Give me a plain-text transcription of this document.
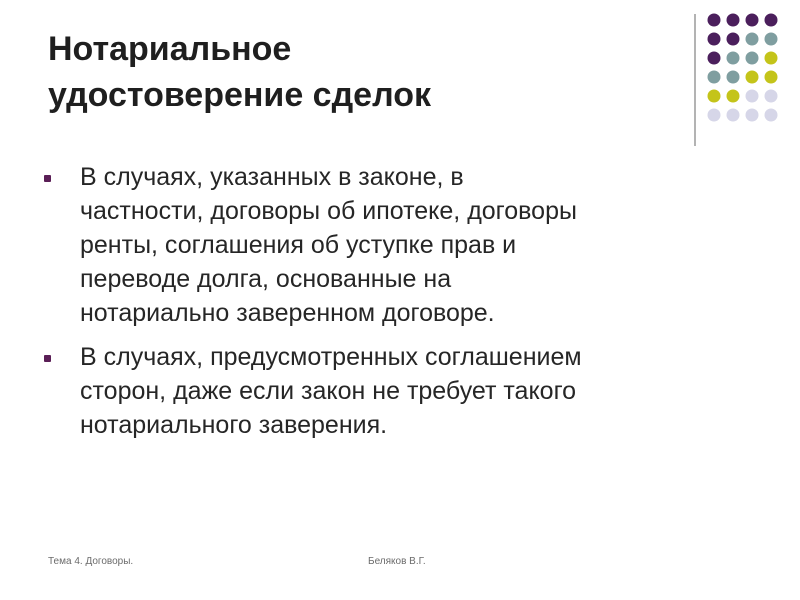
Нотариальное
удостоверение сделок
В случаях, указанных в законе, в
частности, договоры об ипотеке, договоры
ренты, соглашения об уступке прав и
переводе долга, основанные на
нотариально заверенном договоре.
В случаях, предусмотренных соглашением
сторон, даже если закон не требует такого
нотариального заверения.
Тема 4. Договоры.	Беляков В.Г.
